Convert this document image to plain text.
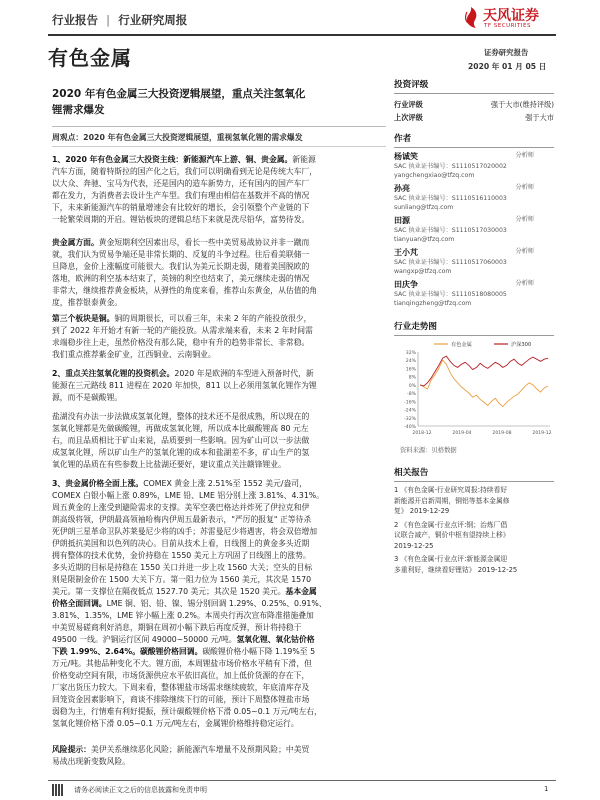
行业报告 | 行业研究周报	天风证券
TF SECURITIES
有色金属	证券研究报告
2020 年 01 月 05 日
2020 年有色金属三大投资逻辑展望，重点关注氢氧化
锂需求爆发
周观点：2020 年有色金属三大投资逻辑展望，重视氢氧化锂的需求爆发
1、2020 年有色金属三大投资主线：新能源汽车上游、铜、贵金属。新能源
汽车方面，随着特斯拉的国产化之后，我们可以明确看到无论是传统大车厂，
以大众、奔驰、宝马为代表，还是国内的造车新势力，还有国内的国产车厂
都在发力，为消费者去设计生产车型。我们有理由相信在基数并不高的情况
下，未来新能源汽车的销量增速会有比较好的增长，会引领整个产业链的下
一轮繁荣周期的开启。锂钴板块的逻辑总结下来就是洗尽铅华，富势待发。
贵金属方面。黄金短期利空因素出尽，看长一些中美贸易战协议并非一蹴而
就，我们认为贸易争端还是非常长期的、反复的斗争过程。往后看美联储一
旦降息，金价上涨幅度可能很大。我们认为美元长期走弱，随着美国脱欧的
落地，欧洲的利空基本结束了，英镑的利空也结束了，美元继续走弱的情况
非常大，继续推荐黄金板块，从弹性的角度来看，推荐山东黄金，从估值的角
度，推荐银泰黄金。
第三个板块是铜。铜的周期很长，可以看三年，未来 2 年的产能投放很少，
到了 2022 年开始才有新一轮的产能投放。从需求端来看，未来 2 年时间需
求端稳步往上走，虽然价格没有那么陡，稳中有升的趋势非常长、非常稳。
我们重点推荐紫金矿业，江西铜业、云南铜业。
2、重点关注氢氧化锂的投资机会。2020 年是欧洲的车型进入预备时代，新
能源在三元路线 811 进程在 2020 年加快，811 以上必须用氢氧化锂作为锂
源，而不是碳酸锂。
盐湖没有办法一步法做成氢氧化锂，整体的技术还不是很成熟，所以现在的
氢氧化锂都是先做碳酸锂，再做成氢氧化锂，所以成本比碳酸锂高 80 元左
右，而且品质相比于矿山来说，品质要到一些影响。因为矿山可以一步法做
成氢氧化锂，所以矿山生产的氢氧化锂的成本和盐湖差不多，矿山生产的氢
氧化锂的品质在有些参数上比盐湖还要好，建议重点关注赣锋锂业。
3、贵金属价格全面上涨。COMEX 黄金上涨 2.51%至 1552 美元/盎司，
COMEX 白银小幅上涨 0.89%，LME 铅、LME 铝分别上涨 3.81%、4.31%。
周五黄金的上涨受到避险需求的支撑。美军空袭巴格达并炸死了伊拉克和伊
朗高级将领，伊朗最高领袖哈梅内伊周五最新表示，"严厉的报复" 正等待杀
死伊朗三星革命卫队苏莱曼尼少将的凶手；苏雷曼尼少将遇害，将会双倍增加
伊朗抵抗美国和以色列的决心。目前从技术上看，日线图上的黄金多头近期
拥有整体的技术优势，金价持稳在 1550 美元上方巩固了日线图上的涨势。
多头近期的目标是持稳在 1550 关口并进一步上攻 1560 大关；空头的目标
则是限制金价在 1500 大关下方。第一阻力位为 1560 美元，其次是 1570
美元。第一支撑位在隔夜低点 1527.70 美元；其次是 1520 美元。基本金属
价格全面回调。LME 铜、铝、铅、镍、锡分别回调 1.29%、0.25%、0.91%、
3.81%、1.35%，LME 锌小幅上涨 0.2%。本周央行再次宣布降准措施叠加
中美贸易磋商利好消息，期铜在周初小幅下跌后再度反弹，预计将持稳于
49500 一线。沪铜运行区间 49000~50000 元/吨。氢氧化锂、氧化钴价格
下跌 1.99%、2.64%。碳酸锂价格回调。碳酸锂价格小幅下降 1.19%至 5
万元/吨。其他品种变化不大。锂方面，本周锂盐市场价格水平稍有下滑，但
价格变动空间有限，市场货源供应水平依旧高位，加上低价货源的存在下，
厂家出货压力较大。下周来看，整体锂盐市场需求继续疲软，年底清库存及
回笼资金因素影响下，商谈不排除继续下行的可能，预计下周整体锂盐市场
弱稳为主，行情难有利好提振，预计碳酸锂价格下滑 0.05~0.1 万元/吨左右，
氢氧化锂价格下滑 0.05~0.1 万元/吨左右，金属锂价格维持稳定运行。
风险提示：美伊关系继续恶化风险；新能源汽车增量不及预期风险；中美贸
易战出现新变数风险。
投资评级
行业评级	强于大市(维持评级)
上次评级	强于大市
作者
杨诚笑	分析师
SAC 执业证书编号：S1110517020002
yangchengxiao@tfzq.com
孙亮	分析师
SAC 执业证书编号：S1110516110003
sunliang@tfzq.com
田源	分析师
SAC 执业证书编号：S1110517030003
tianyuan@tfzq.com
王小芃	分析师
SAC 执业证书编号：S1110517060003
wangxp@tfzq.com
田庆争	分析师
SAC 执业证书编号：S1110518080005
tianqingzheng@tfzq.com
行业走势图
-40%
-32%
-24%
-16%
-8%
0%
8%
16%
24%
32%
2018-12	2019-04	2019-08	2019-12
有色金属	沪深300
资料来源：贝格数据
相关报告
1 《有色金属-行业研究周报:持续看好
新能源开启新周期，铜铝等基本金属修
复》 2019-12-29
2 《有色金属-行业点评:钢；治炼厂倡
议联合减产，铜价中枢有望持续上移》
2019-12-25
3 《有色金属-行业点评:新能源金属迎
多重利好，继续看好锂钴》 2019-12-25
请务必阅读正文之后的信息披露和免责申明	1
